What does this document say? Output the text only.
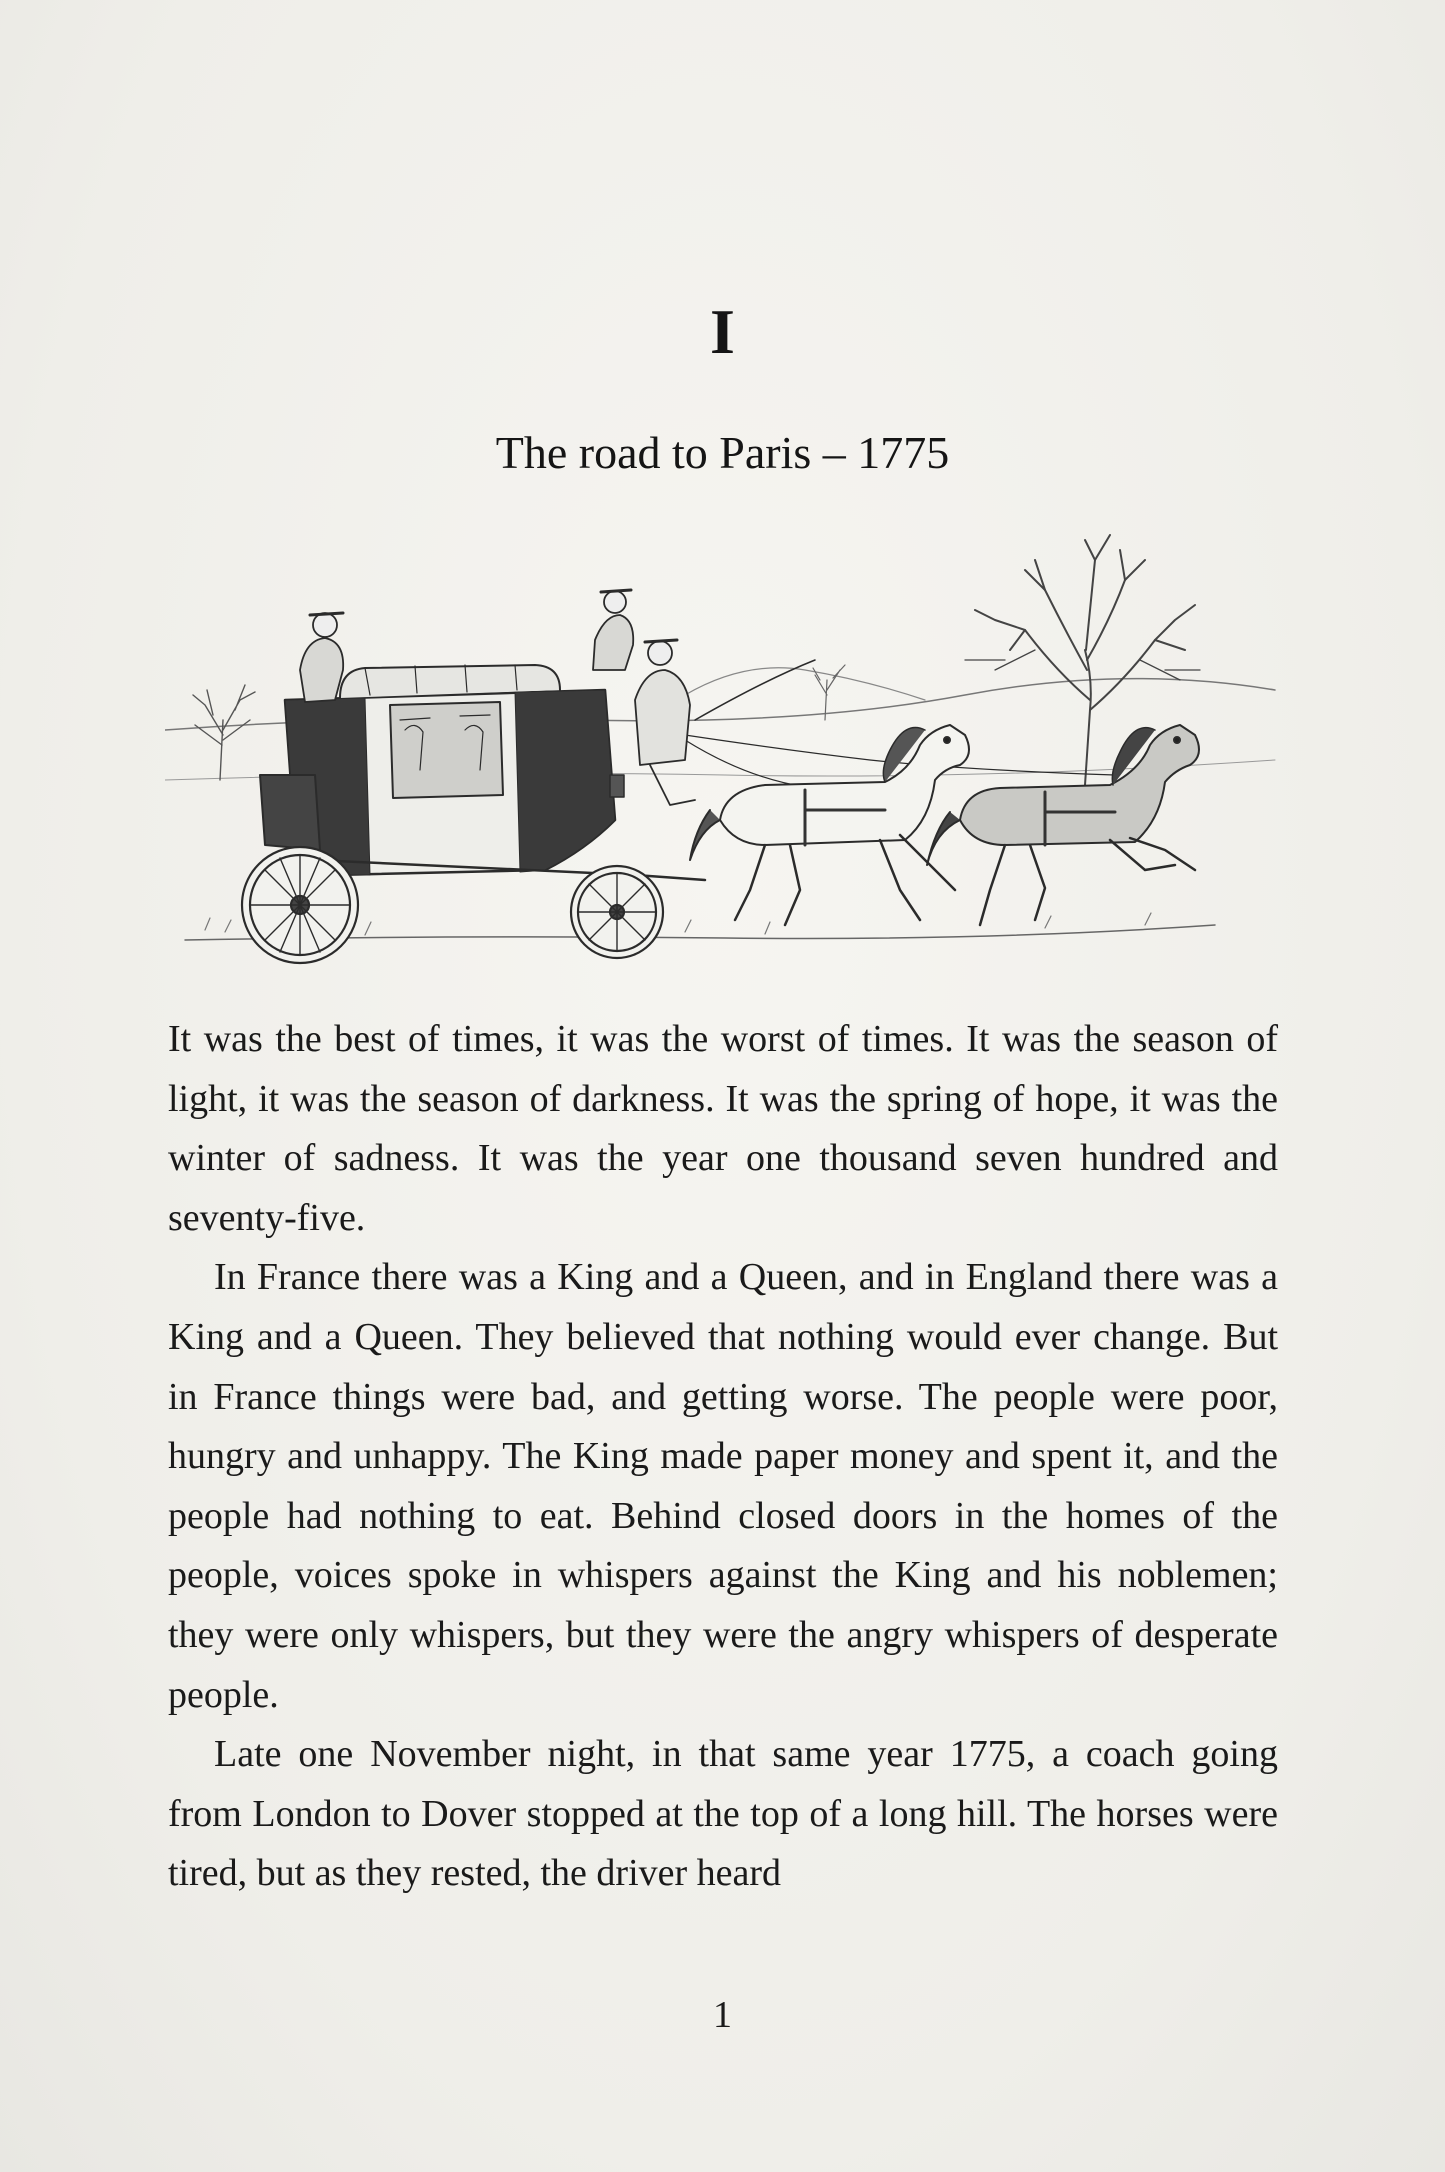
I
The road to Paris – 1775

It was the best of times, it was the worst of times. It was the season of light, it was the season of darkness. It was the spring of hope, it was the winter of sadness. It was the year one thousand seven hundred and seventy-five.

In France there was a King and a Queen, and in England there was a King and a Queen. They believed that nothing would ever change. But in France things were bad, and getting worse. The people were poor, hungry and unhappy. The King made paper money and spent it, and the people had nothing to eat. Behind closed doors in the homes of the people, voices spoke in whispers against the King and his noblemen; they were only whispers, but they were the angry whispers of desperate people.

Late one November night, in that same year 1775, a coach going from London to Dover stopped at the top of a long hill. The horses were tired, but as they rested, the driver heard

1
